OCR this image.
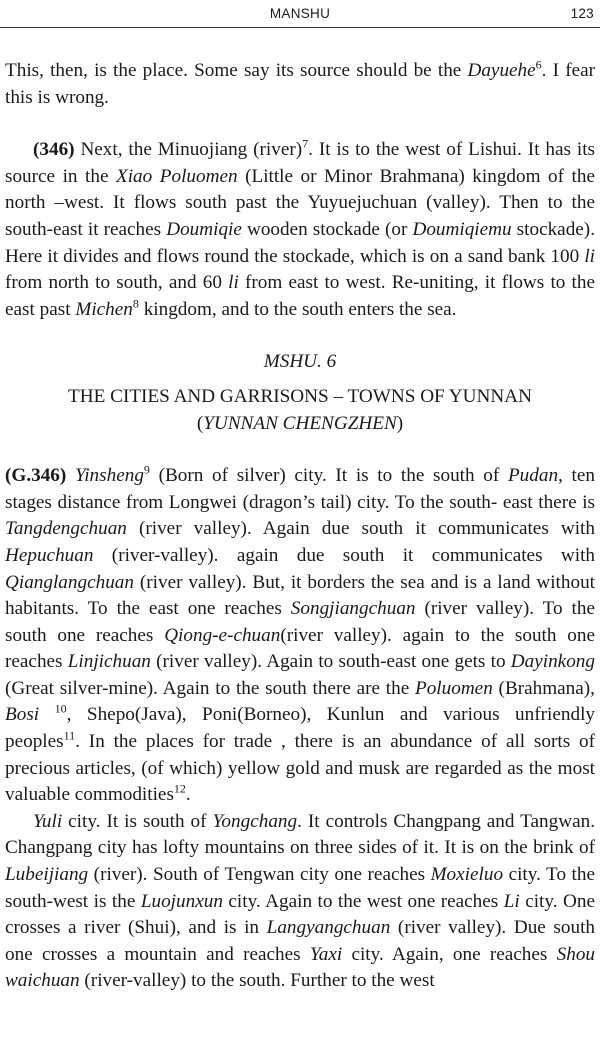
MANSHU	123

This, then, is the place. Some say its source should be the Dayuehe$^6$. I fear this is wrong.

(346) Next, the Minuojiang (river)$^7$. It is to the west of Lishui. It has its source in the Xiao Poluomen (Little or Minor Brahmana) kingdom of the north –west. It flows south past the Yuyuejuchuan (valley). Then to the south-east it reaches Doumiqie wooden stockade (or Doumiqiemu stockade). Here it divides and flows round the stockade, which is on a sand bank 100 li from north to south, and 60 li from east to west. Re-uniting, it flows to the east past Michen$^8$ kingdom, and to the south enters the sea.

MSHU. 6

THE CITIES AND GARRISONS – TOWNS OF YUNNAN

(YUNNAN CHENGZHEN)

(G.346) Yinsheng$^9$ (Born of silver) city. It is to the south of Pudan, ten stages distance from Longwei (dragon’s tail) city. To the south- east there is Tangdengchuan (river valley). Again due south it communicates with Hepuchuan (river-valley). again due south it communicates with Qianglangchuan (river valley). But, it borders the sea and is a land without habitants. To the east one reaches Songjiangchuan (river valley). To the south one reaches Qiong-e-chuan(river valley). again to the south one reaches Linjichuan (river valley). Again to south-east one gets to Dayinkong (Great silver-mine). Again to the south there are the Poluomen (Brahmana), Bosi $^{10}$, Shepo(Java), Poni(Borneo), Kunlun and various unfriendly peoples$^{11}$. In the places for trade , there is an abundance of all sorts of precious articles, (of which) yellow gold and musk are regarded as the most valuable commodities$^{12}$.

Yuli city. It is south of Yongchang. It controls Changpang and Tangwan. Changpang city has lofty mountains on three sides of it. It is on the brink of Lubeijiang (river). South of Tengwan city one reaches Moxieluo city. To the south-west is the Luojunxun city. Again to the west one reaches Li city. One crosses a river (Shui), and is in Langyangchuan (river valley). Due south one crosses a mountain and reaches Yaxi city. Again, one reaches Shou waichuan (river-valley) to the south. Further to the west
